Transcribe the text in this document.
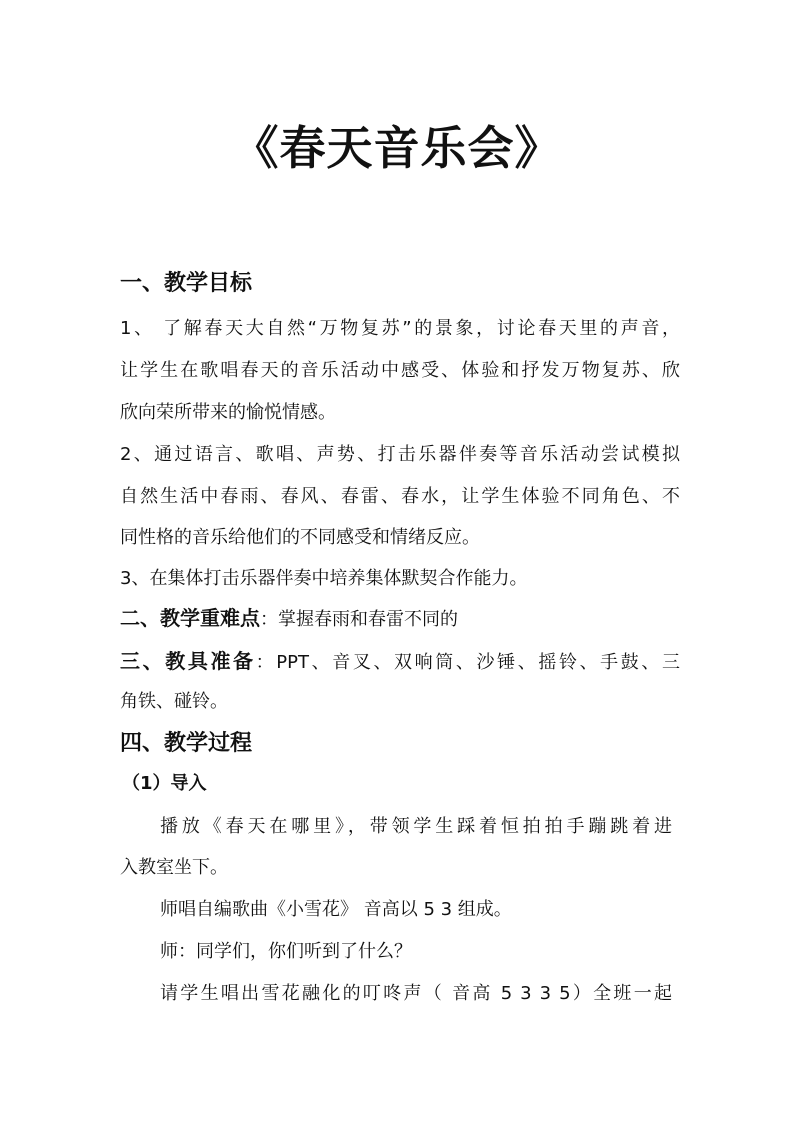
《春天音乐会》
一、教学目标
1、 了解春天大自然“万物复苏”的景象，讨论春天里的声音，
让学生在歌唱春天的音乐活动中感受、体验和抒发万物复苏、欣
欣向荣所带来的愉悦情感。
2、通过语言、歌唱、声势、打击乐器伴奏等音乐活动尝试模拟
自然生活中春雨、春风、春雷、春水，让学生体验不同角色、不
同性格的音乐给他们的不同感受和情绪反应。
3、在集体打击乐器伴奏中培养集体默契合作能力。
二、教学重难点：掌握春雨和春雷不同的
三、教具准备：PPT、音叉、双响筒、沙锤、摇铃、手鼓、三
角铁、碰铃。
四、教学过程
（1）导入
播放《春天在哪里》，带领学生踩着恒拍拍手蹦跳着进
入教室坐下。
师唱自编歌曲《小雪花》 音高以 5 3 组成。
师：同学们，你们听到了什么？
请学生唱出雪花融化的叮咚声（ 音高 5 3 3 5）全班一起
